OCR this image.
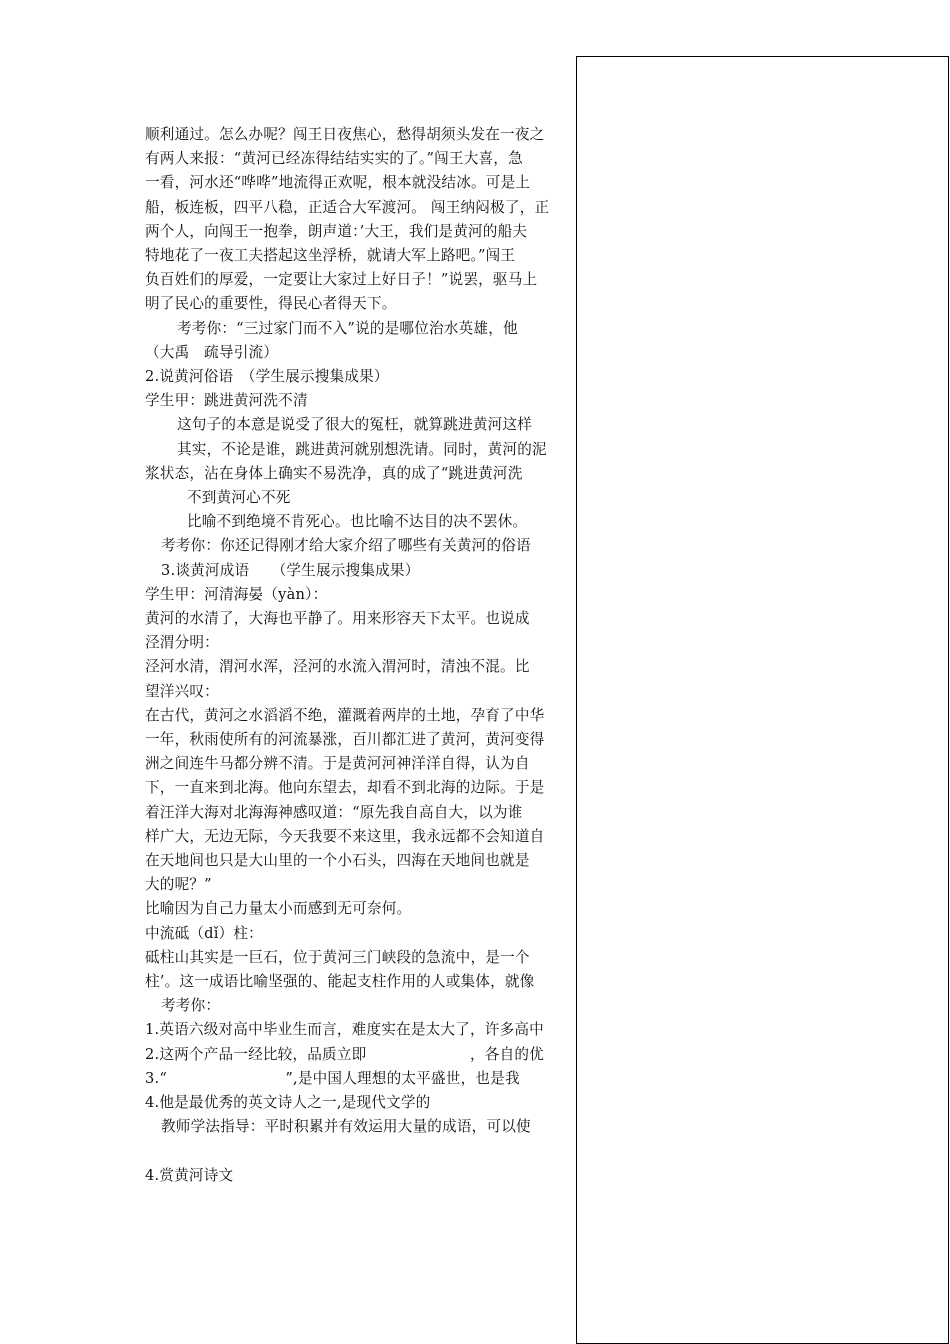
顺利通过。怎么办呢？闯王日夜焦心，愁得胡须头发在一夜之
有两人来报：“黄河已经冻得结结实实的了。”闯王大喜，急
一看，河水还“哗哗”地流得正欢呢，根本就没结冰。可是上
船，板连板，四平八稳，正适合大军渡河。 闯王纳闷极了，正
两个人，向闯王一抱拳，朗声道：’大王，我们是黄河的船夫
特地花了一夜工夫搭起这坐浮桥，就请大军上路吧。”闯王
负百姓们的厚爱，一定要让大家过上好日子！”说罢，驱马上
明了民心的重要性，得民心者得天下。
考考你：“三过家门而不入”说的是哪位治水英雄，他
（大禹　疏导引流）
2.说黄河俗语　（学生展示搜集成果）
学生甲：跳进黄河洗不清
这句子的本意是说受了很大的冤枉，就算跳进黄河这样
其实，不论是谁，跳进黄河就别想洗请。同时，黄河的泥
浆状态，沾在身体上确实不易洗净，真的成了“跳进黄河洗
不到黄河心不死
比喻不到绝境不肯死心。也比喻不达目的决不罢休。
考考你：你还记得刚才给大家介绍了哪些有关黄河的俗语
3.谈黄河成语　　（学生展示搜集成果）
学生甲：河清海晏（yàn）：
黄河的水清了，大海也平静了。用来形容天下太平。也说成
泾渭分明：
泾河水清，渭河水浑，泾河的水流入渭河时，清浊不混。比
望洋兴叹：
在古代，黄河之水滔滔不绝，灌溉着两岸的土地，孕育了中华
一年，秋雨使所有的河流暴涨，百川都汇进了黄河，黄河变得
洲之间连牛马都分辨不清。于是黄河河神洋洋自得，认为自
下，一直来到北海。他向东望去，却看不到北海的边际。于是
着汪洋大海对北海海神感叹道：“原先我自高自大，以为谁
样广大，无边无际，今天我要不来这里，我永远都不会知道自
在天地间也只是大山里的一个小石头，四海在天地间也就是
大的呢？”
比喻因为自己力量太小而感到无可奈何。
中流砥（dǐ）柱：
砥柱山其实是一巨石，位于黄河三门峡段的急流中，是一个
柱’。这一成语比喻坚强的、能起支柱作用的人或集体，就像
考考你：
1.英语六级对高中毕业生而言，难度实在是太大了，许多高中
2.这两个产品一经比较，品质立即　　　　　　　，各自的优
3.“　　　　　　　　”,是中国人理想的太平盛世，也是我
4.他是最优秀的英文诗人之一,是现代文学的
教师学法指导：平时积累并有效运用大量的成语，可以使
4.赏黄河诗文
